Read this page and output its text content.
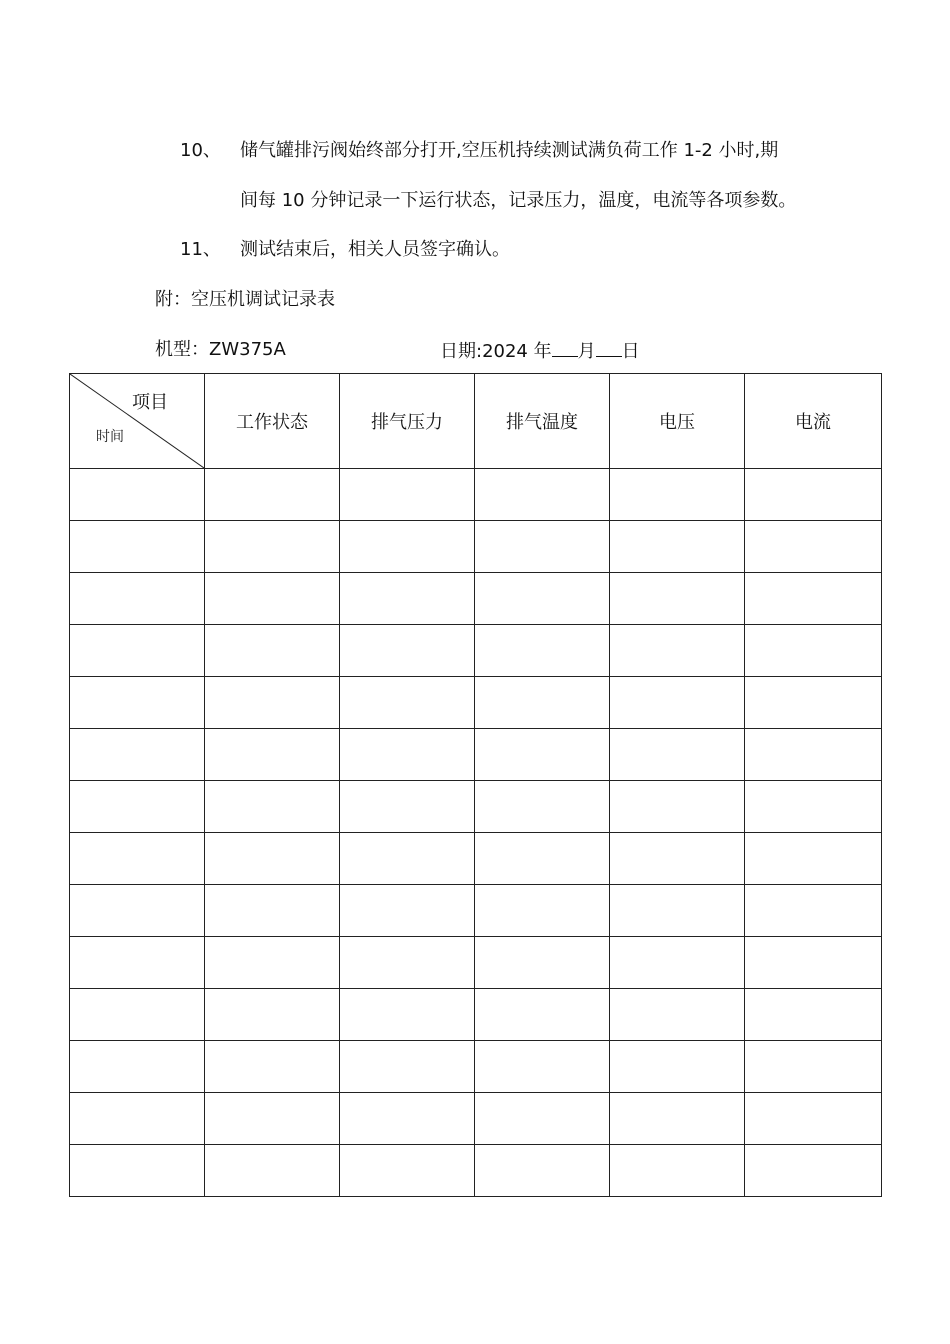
10、 储气罐排污阀始终部分打开,空压机持续测试满负荷工作 1-2 小时,期
间每 10 分钟记录一下运行状态，记录压力，温度，电流等各项参数。
11、 测试结束后，相关人员签字确认。
附：空压机调试记录表
机型：ZW375A	日期:2024 年 月 日
项目
时间	工作状态	排气压力	排气温度	电压	电流
